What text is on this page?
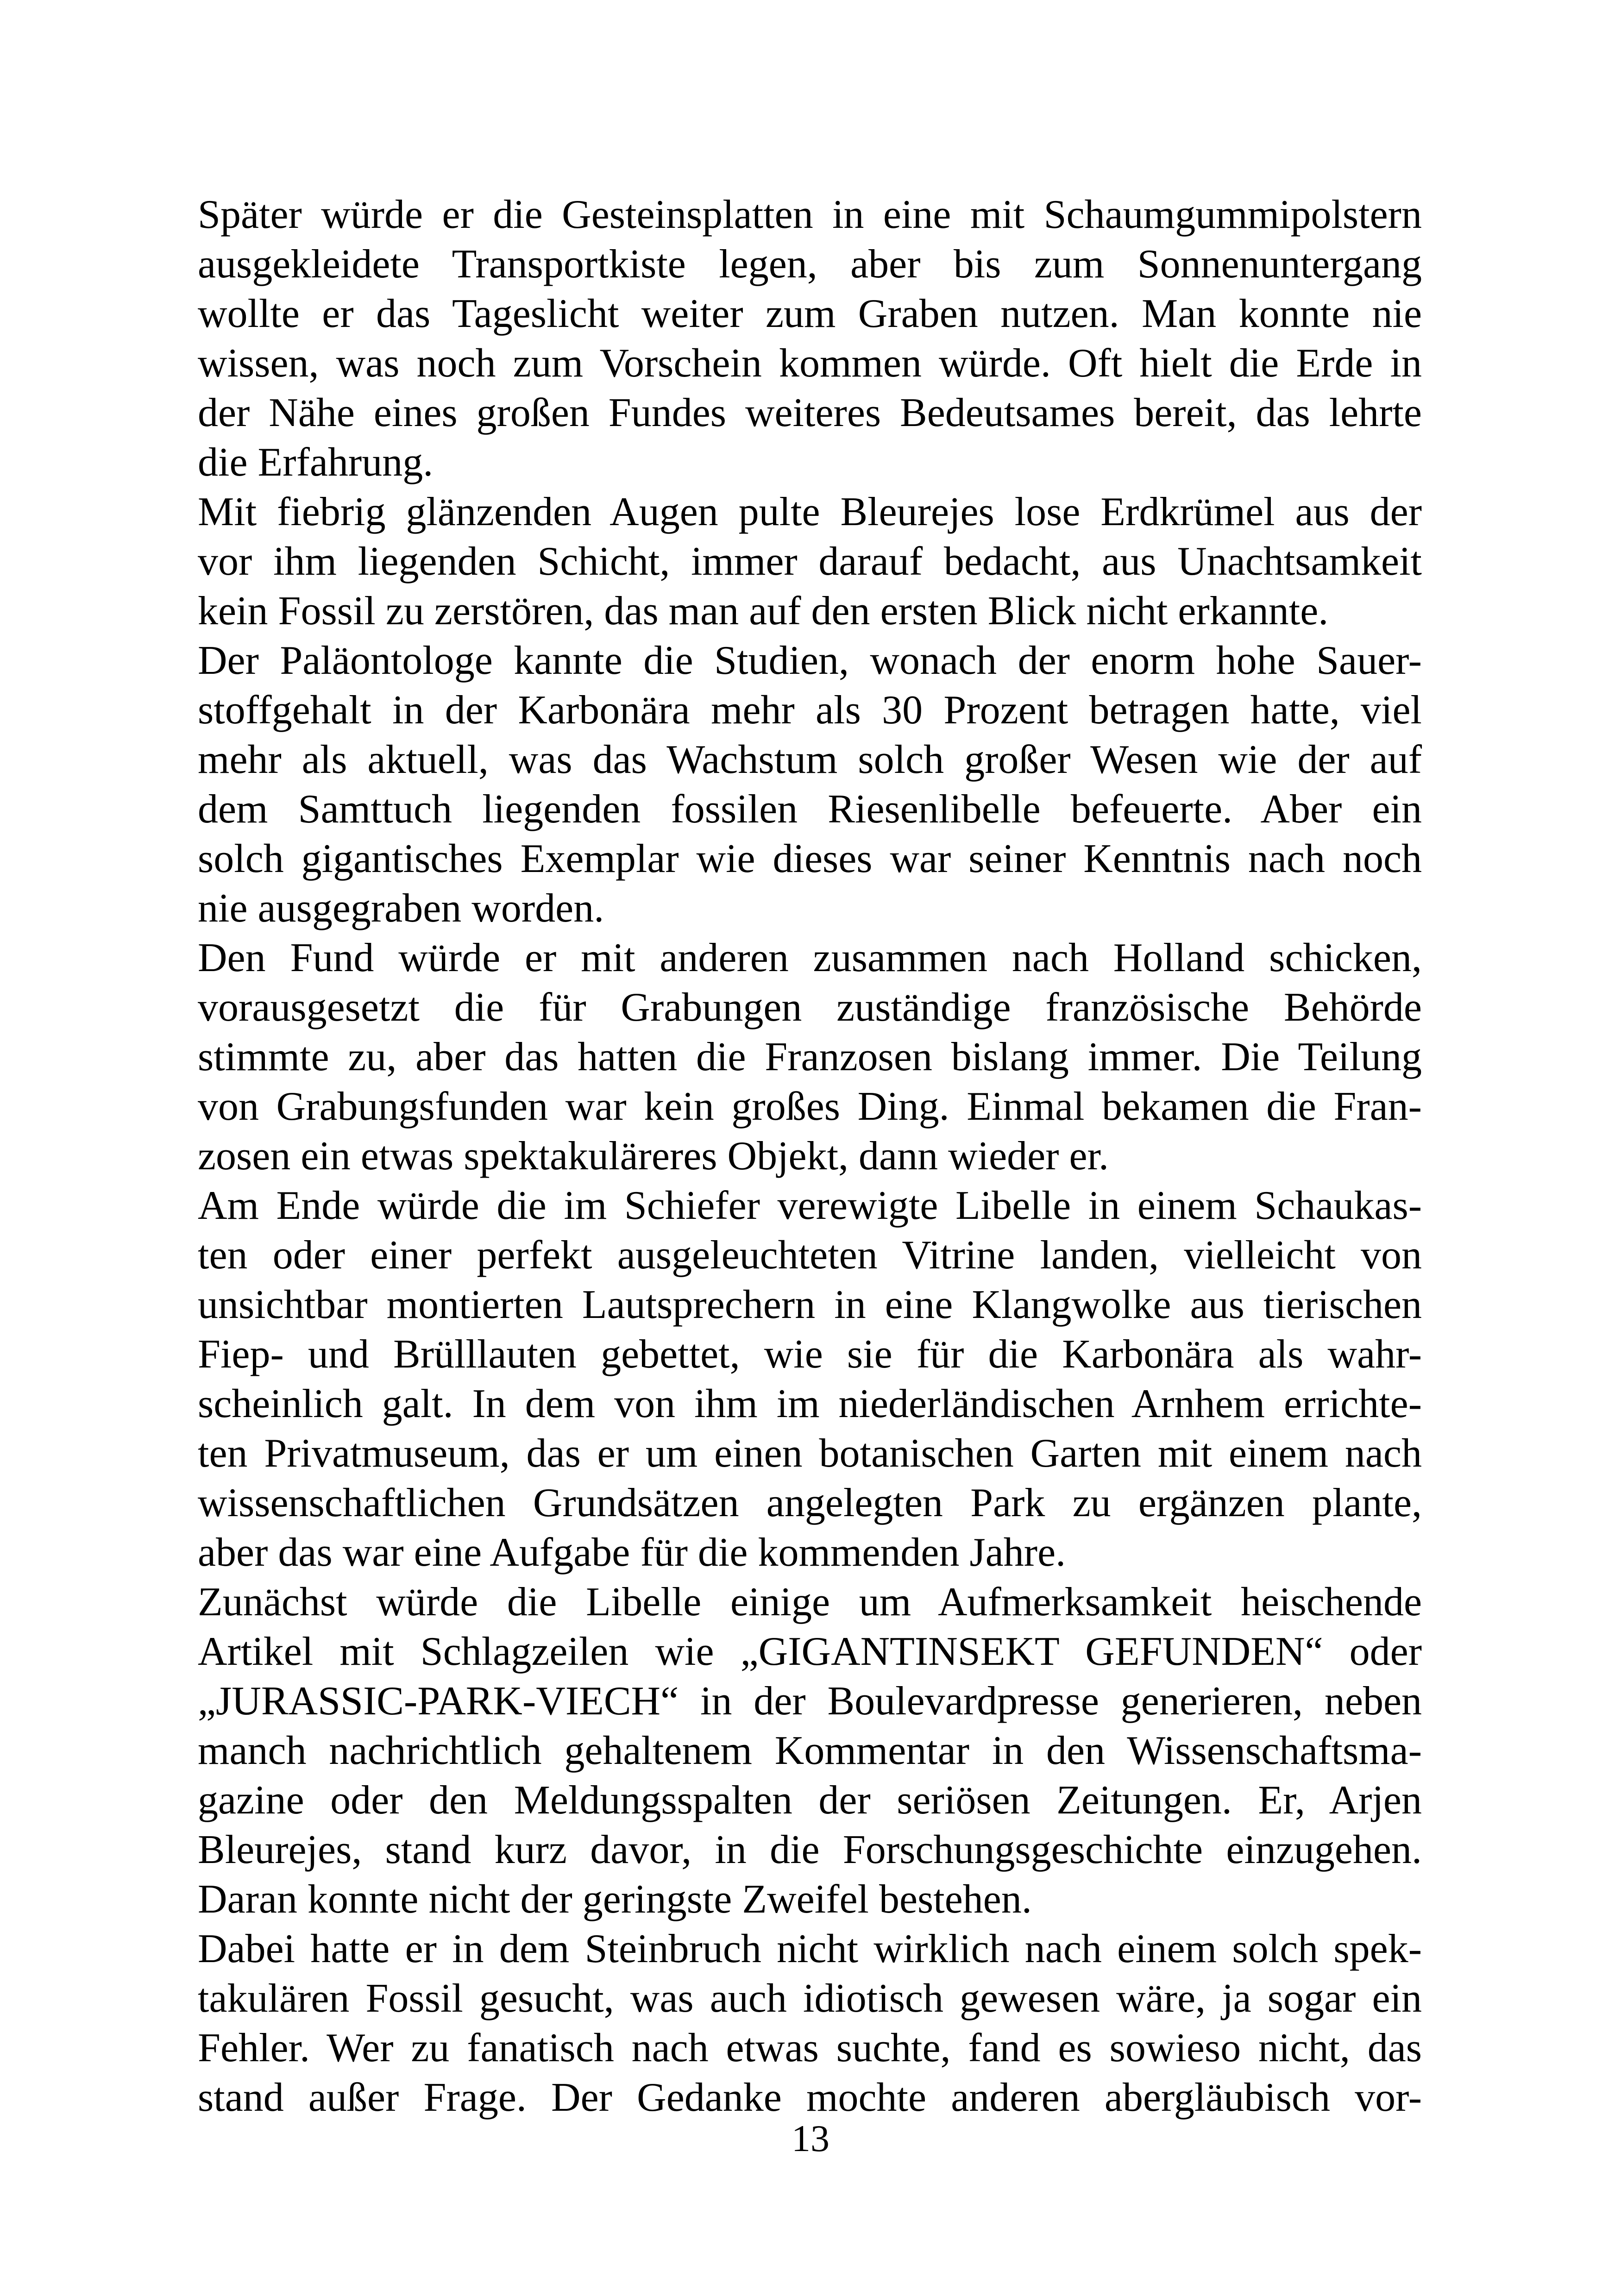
Später würde er die Gesteinsplatten in eine mit Schaumgummipolstern
ausgekleidete Transportkiste legen, aber bis zum Sonnenuntergang
wollte er das Tageslicht weiter zum Graben nutzen. Man konnte nie
wissen, was noch zum Vorschein kommen würde. Oft hielt die Erde in
der Nähe eines großen Fundes weiteres Bedeutsames bereit, das lehrte
die Erfahrung.

Mit fiebrig glänzenden Augen pulte Bleurejes lose Erdkrümel aus der
vor ihm liegenden Schicht, immer darauf bedacht, aus Unachtsamkeit
kein Fossil zu zerstören, das man auf den ersten Blick nicht erkannte.

Der Paläontologe kannte die Studien, wonach der enorm hohe Sauer-
stoffgehalt in der Karbonära mehr als 30 Prozent betragen hatte, viel
mehr als aktuell, was das Wachstum solch großer Wesen wie der auf
dem Samttuch liegenden fossilen Riesenlibelle befeuerte. Aber ein
solch gigantisches Exemplar wie dieses war seiner Kenntnis nach noch
nie ausgegraben worden.

Den Fund würde er mit anderen zusammen nach Holland schicken,
vorausgesetzt die für Grabungen zuständige französische Behörde
stimmte zu, aber das hatten die Franzosen bislang immer. Die Teilung
von Grabungsfunden war kein großes Ding. Einmal bekamen die Fran-
zosen ein etwas spektakuläreres Objekt, dann wieder er.

Am Ende würde die im Schiefer verewigte Libelle in einem Schaukas-
ten oder einer perfekt ausgeleuchteten Vitrine landen, vielleicht von
unsichtbar montierten Lautsprechern in eine Klangwolke aus tierischen
Fiep- und Brülllauten gebettet, wie sie für die Karbonära als wahr-
scheinlich galt. In dem von ihm im niederländischen Arnhem errichte-
ten Privatmuseum, das er um einen botanischen Garten mit einem nach
wissenschaftlichen Grundsätzen angelegten Park zu ergänzen plante,
aber das war eine Aufgabe für die kommenden Jahre.

Zunächst würde die Libelle einige um Aufmerksamkeit heischende
Artikel mit Schlagzeilen wie „GIGANTINSEKT GEFUNDEN“ oder
„JURASSIC-PARK-VIECH“ in der Boulevardpresse generieren, neben
manch nachrichtlich gehaltenem Kommentar in den Wissenschaftsma-
gazine oder den Meldungsspalten der seriösen Zeitungen. Er, Arjen
Bleurejes, stand kurz davor, in die Forschungsgeschichte einzugehen.
Daran konnte nicht der geringste Zweifel bestehen.

Dabei hatte er in dem Steinbruch nicht wirklich nach einem solch spek-
takulären Fossil gesucht, was auch idiotisch gewesen wäre, ja sogar ein
Fehler. Wer zu fanatisch nach etwas suchte, fand es sowieso nicht, das
stand außer Frage. Der Gedanke mochte anderen abergläubisch vor-

13
